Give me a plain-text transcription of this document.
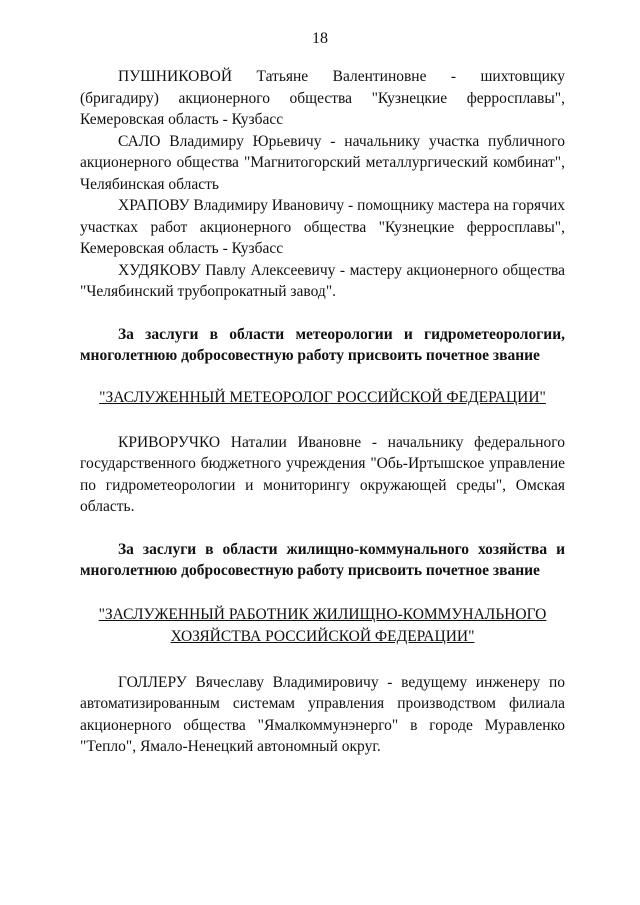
18

ПУШНИКОВОЙ Татьяне Валентиновне - шихтовщику (бригадиру) акционерного общества "Кузнецкие ферросплавы", Кемеровская область - Кузбасс

САЛО Владимиру Юрьевичу - начальнику участка публичного акционерного общества "Магнитогорский металлургический комбинат", Челябинская область

ХРАПОВУ Владимиру Ивановичу - помощнику мастера на горячих участках работ акционерного общества "Кузнецкие ферросплавы", Кемеровская область - Кузбасс

ХУДЯКОВУ Павлу Алексеевичу - мастеру акционерного общества "Челябинский трубопрокатный завод".

За заслуги в области метеорологии и гидрометеорологии, многолетнюю добросовестную работу присвоить почетное звание

"ЗАСЛУЖЕННЫЙ МЕТЕОРОЛОГ РОССИЙСКОЙ ФЕДЕРАЦИИ"

КРИВОРУЧКО Наталии Ивановне - начальнику федерального государственного бюджетного учреждения "Обь-Иртышское управление по гидрометеорологии и мониторингу окружающей среды", Омская область.

За заслуги в области жилищно-коммунального хозяйства и многолетнюю добросовестную работу присвоить почетное звание

"ЗАСЛУЖЕННЫЙ РАБОТНИК ЖИЛИЩНО-КОММУНАЛЬНОГО

ХОЗЯЙСТВА РОССИЙСКОЙ ФЕДЕРАЦИИ"

ГОЛЛЕРУ Вячеславу Владимировичу - ведущему инженеру по автоматизированным системам управления производством филиала акционерного общества "Ямалкоммунэнерго" в городе Муравленко "Тепло", Ямало-Ненецкий автономный округ.
